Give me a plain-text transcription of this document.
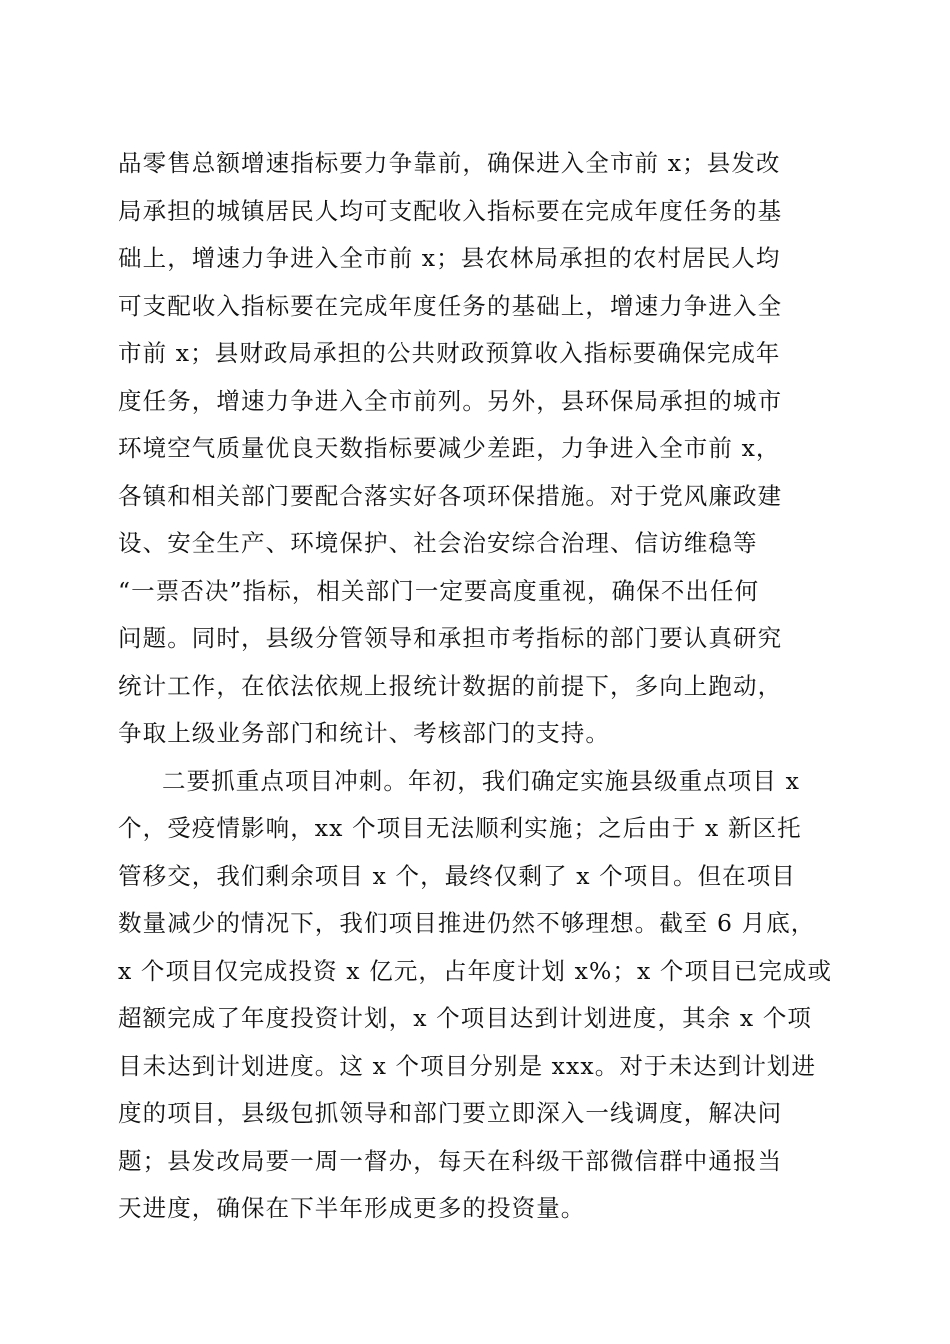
品零售总额增速指标要力争靠前，确保进入全市前 x；县发改
局承担的城镇居民人均可支配收入指标要在完成年度任务的基
础上，增速力争进入全市前 x；县农林局承担的农村居民人均
可支配收入指标要在完成年度任务的基础上，增速力争进入全
市前 x；县财政局承担的公共财政预算收入指标要确保完成年
度任务，增速力争进入全市前列。另外，县环保局承担的城市
环境空气质量优良天数指标要减少差距，力争进入全市前 x，
各镇和相关部门要配合落实好各项环保措施。对于党风廉政建
设、安全生产、环境保护、社会治安综合治理、信访维稳等
“一票否决”指标，相关部门一定要高度重视，确保不出任何
问题。同时，县级分管领导和承担市考指标的部门要认真研究
统计工作，在依法依规上报统计数据的前提下，多向上跑动，
争取上级业务部门和统计、考核部门的支持。
二要抓重点项目冲刺。年初，我们确定实施县级重点项目 x
个，受疫情影响，xx 个项目无法顺利实施；之后由于 x 新区托
管移交，我们剩余项目 x 个，最终仅剩了 x 个项目。但在项目
数量减少的情况下，我们项目推进仍然不够理想。截至 6 月底，
x 个项目仅完成投资 x 亿元，占年度计划 x%；x 个项目已完成或
超额完成了年度投资计划，x 个项目达到计划进度，其余 x 个项
目未达到计划进度。这 x 个项目分别是 xxx。对于未达到计划进
度的项目，县级包抓领导和部门要立即深入一线调度，解决问
题；县发改局要一周一督办，每天在科级干部微信群中通报当
天进度，确保在下半年形成更多的投资量。
